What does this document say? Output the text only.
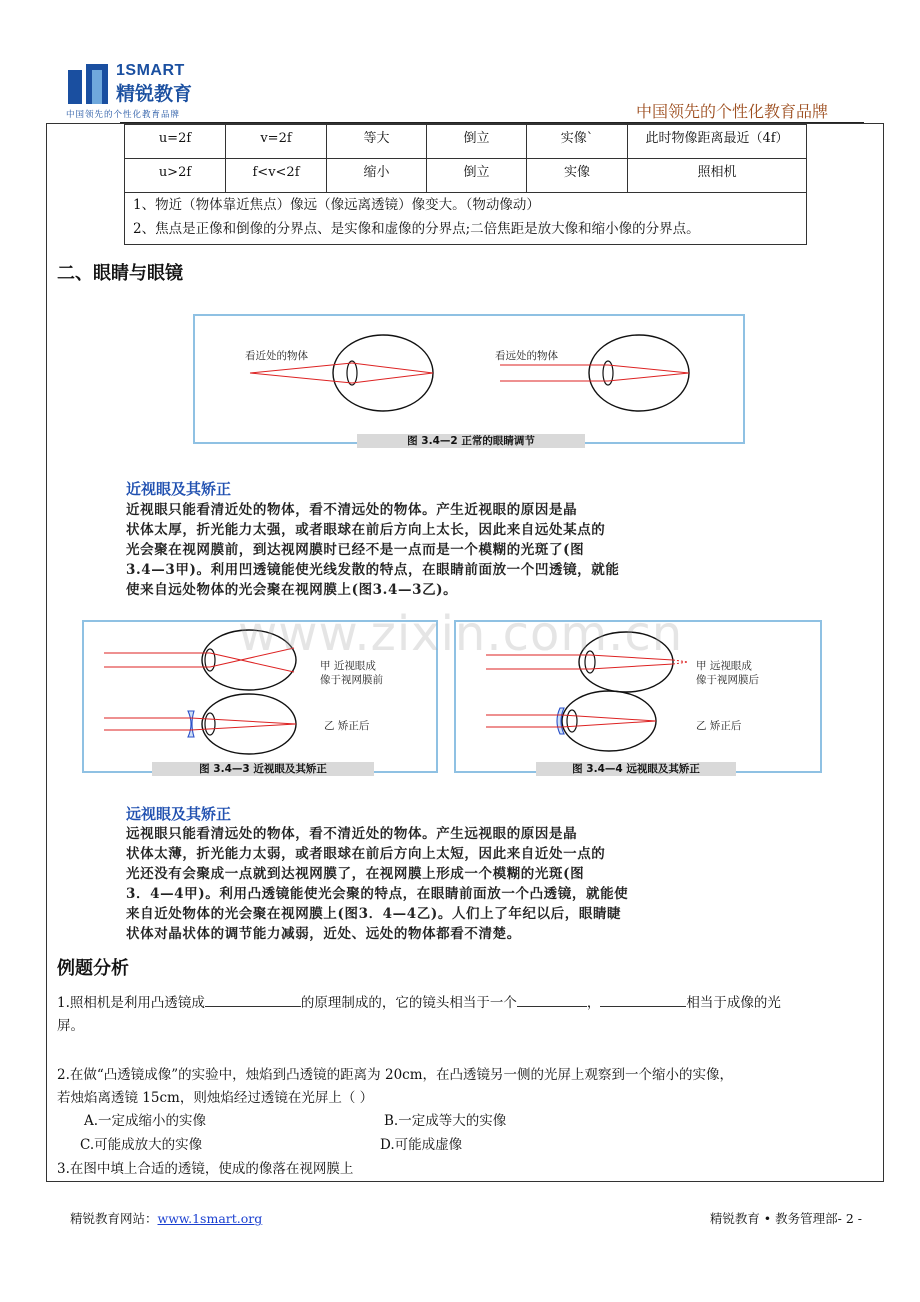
1SMART
精锐教育
中国领先的个性化教育品牌	中国领先的个性化教育品牌
u=2f	v=2f	等大	倒立	实像`	此时物像距离最近（4f）
u>2f	f<v<2f	缩小	倒立	实像	照相机
1、物近（物体靠近焦点）像远（像远离透镜）像变大。（物动像动）
2、焦点是正像和倒像的分界点、是实像和虚像的分界点;二倍焦距是放大像和缩小像的分界点。
二、眼睛与眼镜
看近处的物体	看远处的物体
图 3.4—2 正常的眼睛调节
近视眼及其矫正
近视眼只能看清近处的物体，看不清远处的物体。产生近视眼的原因是晶
状体太厚，折光能力太强，或者眼球在前后方向上太长，因此来自远处某点的
光会聚在视网膜前，到达视网膜时已经不是一点而是一个模糊的光斑了(图
3.4—3甲)。利用凹透镜能使光线发散的特点，在眼睛前面放一个凹透镜，就能
使来自远处物体的光会聚在视网膜上(图3.4—3乙)。
甲 近视眼成
像于视网膜前
乙 矫正后
图 3.4—3 近视眼及其矫正
甲 远视眼成
像于视网膜后
乙 矫正后
图 3.4—4 远视眼及其矫正
www.zixin.com.cn
远视眼及其矫正
远视眼只能看清远处的物体，看不清近处的物体。产生远视眼的原因是晶
状体太薄，折光能力太弱，或者眼球在前后方向上太短，因此来自近处一点的
光还没有会聚成一点就到达视网膜了，在视网膜上形成一个模糊的光斑(图
3．4—4甲)。利用凸透镜能使光会聚的特点，在眼睛前面放一个凸透镜，就能使
来自近处物体的光会聚在视网膜上(图3．4—4乙)。人们上了年纪以后，眼睛睫
状体对晶状体的调节能力减弱，近处、远处的物体都看不清楚。
例题分析
1.照相机是利用凸透镜成	的原理制成的，它的镜头相当于一个	，	相当于成像的光
屏。
2.在做“凸透镜成像”的实验中，烛焰到凸透镜的距离为 20cm，在凸透镜另一侧的光屏上观察到一个缩小的实像，
若烛焰离透镜 15cm，则烛焰经过透镜在光屏上（ ）
A.一定成缩小的实像	B.一定成等大的实像
C.可能成放大的实像	D.可能成虚像
3.在图中填上合适的透镜，使成的像落在视网膜上
精锐教育网站：www.1smart.org	精锐教育 • 教务管理部- 2 -
